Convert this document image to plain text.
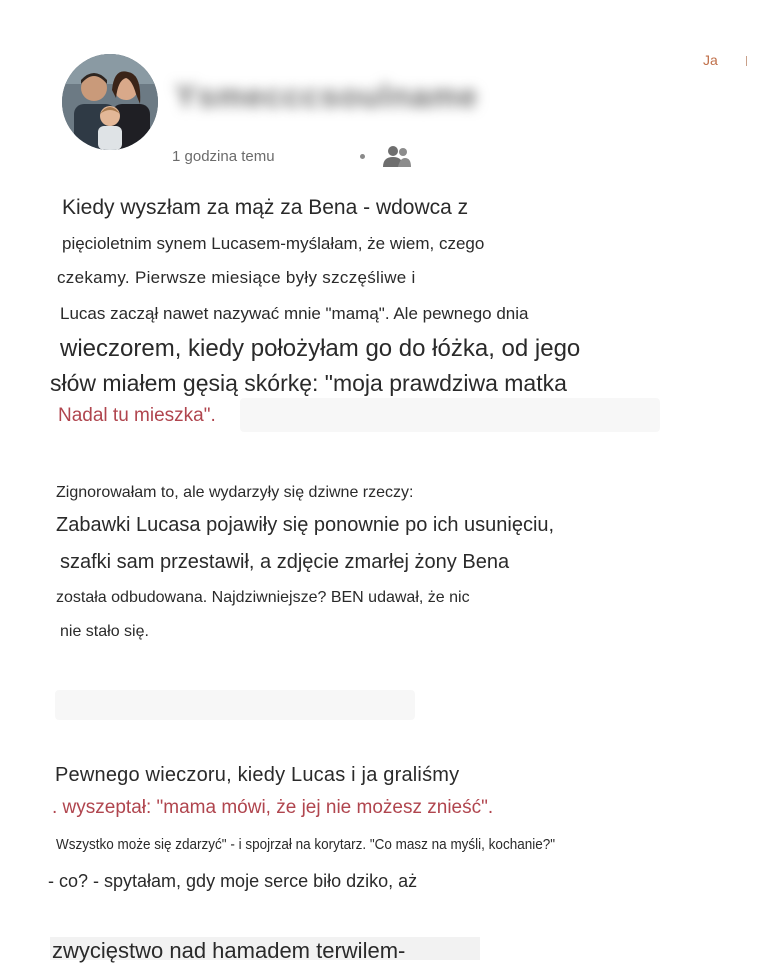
Ja
Ysmecccsoulname
1 godzina temu
Kiedy wyszłam za mąż za Bena - wdowca z
pięcioletnim synem Lucasem-myślałam, że wiem, czego
czekamy. Pierwsze miesiące były szczęśliwe i
Lucas zaczął nawet nazywać mnie "mamą". Ale pewnego dnia
wieczorem, kiedy położyłam go do łóżka, od jego
słów miałem gęsią skórkę: "moja prawdziwa matka
Nadal tu mieszka".
Zignorowałam to, ale wydarzyły się dziwne rzeczy:
Zabawki Lucasa pojawiły się ponownie po ich usunięciu,
szafki sam przestawił, a zdjęcie zmarłej żony Bena
została odbudowana. Najdziwniejsze? BEN udawał, że nic
nie stało się.
Pewnego wieczoru, kiedy Lucas i ja graliśmy
. wyszeptał: "mama mówi, że jej nie możesz znieść".
Wszystko może się zdarzyć" - i spojrzał na korytarz. "Co masz na myśli, kochanie?"
- co? - spytałam, gdy moje serce biło dziko, aż
zwycięstwo nad hamadem terwilem-
